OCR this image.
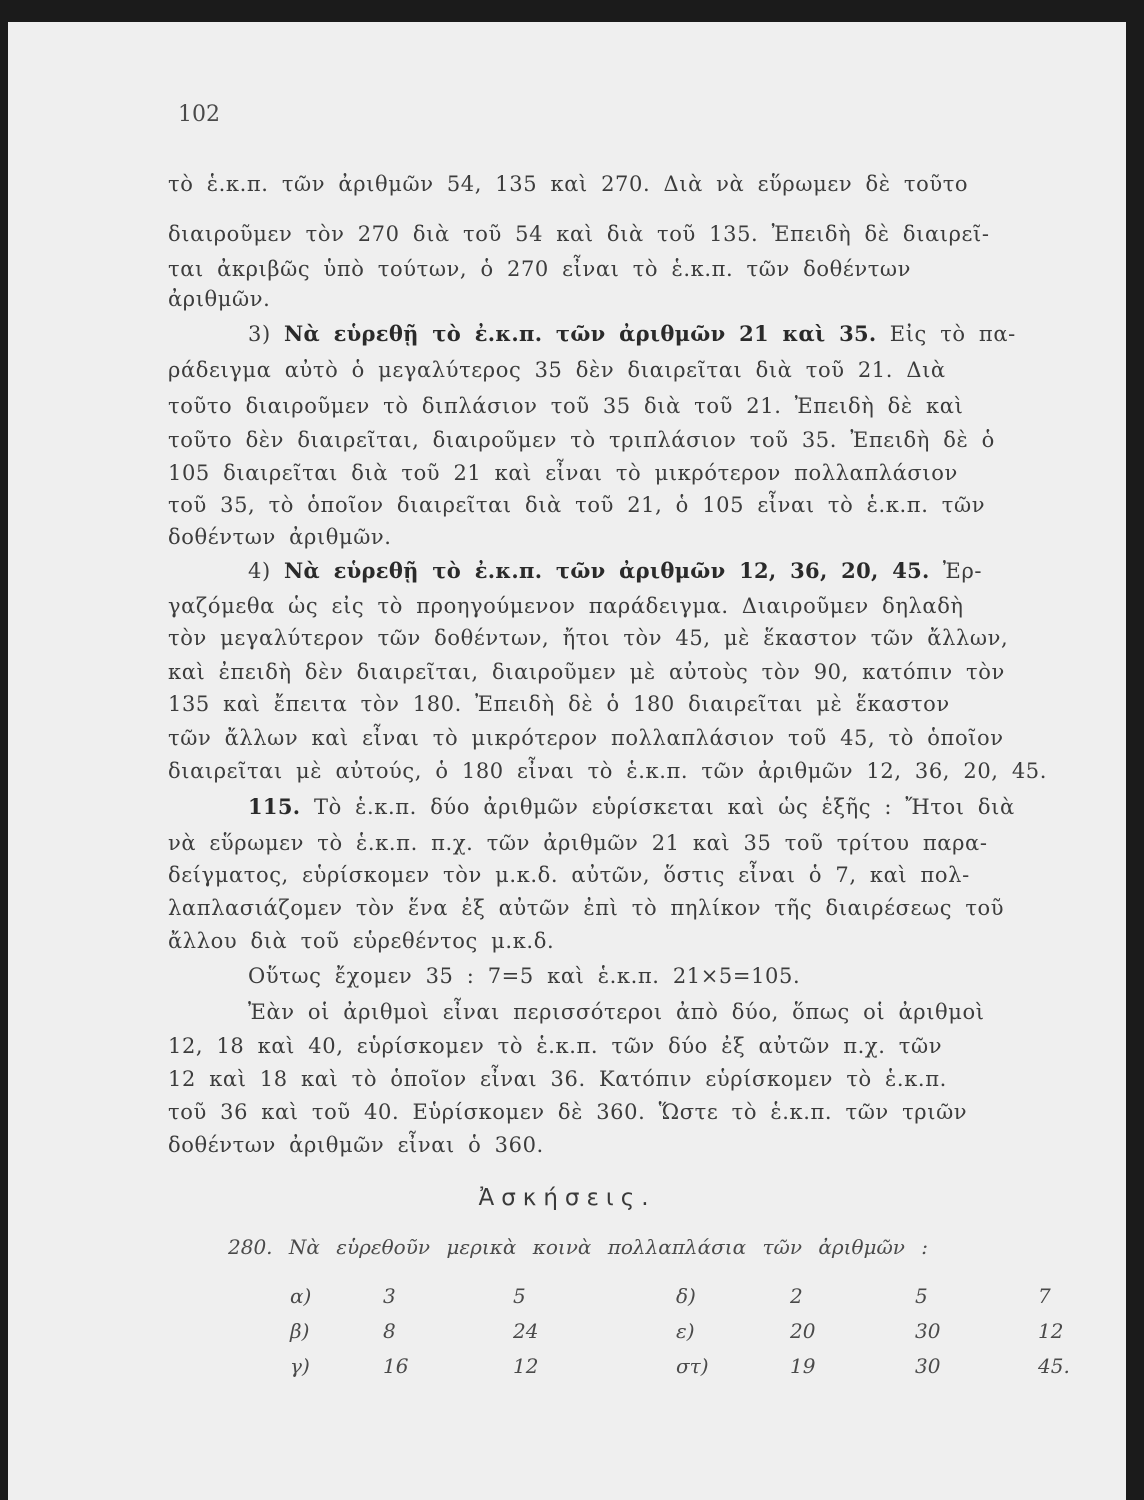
102
τὸ ἑ.κ.π. τῶν ἀριθμῶν 54, 135 καὶ 270. Διὰ νὰ εὕρωμεν δὲ τοῦτο
διαιροῦμεν τὸν 270 διὰ τοῦ 54 καὶ διὰ τοῦ 135. Ἐπειδὴ δὲ διαιρεῖ-
ται ἀκριβῶς ὑπὸ τούτων, ὁ 270 εἶναι τὸ ἑ.κ.π. τῶν δοθέντων
ἀριθμῶν.
3) Νὰ εὑρεθῇ τὸ ἐ.κ.π. τῶν ἀριθμῶν 21 καὶ 35. Εἰς τὸ πα-
ράδειγμα αὐτὸ ὁ μεγαλύτερος 35 δὲν διαιρεῖται διὰ τοῦ 21. Διὰ
τοῦτο διαιροῦμεν τὸ διπλάσιον τοῦ 35 διὰ τοῦ 21. Ἐπειδὴ δὲ καὶ
τοῦτο δὲν διαιρεῖται, διαιροῦμεν τὸ τριπλάσιον τοῦ 35. Ἐπειδὴ δὲ ὁ
105 διαιρεῖται διὰ τοῦ 21 καὶ εἶναι τὸ μικρότερον πολλαπλάσιον
τοῦ 35, τὸ ὁποῖον διαιρεῖται διὰ τοῦ 21, ὁ 105 εἶναι τὸ ἑ.κ.π. τῶν
δοθέντων ἀριθμῶν.
4) Νὰ εὑρεθῇ τὸ ἐ.κ.π. τῶν ἀριθμῶν 12, 36, 20, 45. Ἐρ-
γαζόμεθα ὡς εἰς τὸ προηγούμενον παράδειγμα. Διαιροῦμεν δηλαδὴ
τὸν μεγαλύτερον τῶν δοθέντων, ἤτοι τὸν 45, μὲ ἕκαστον τῶν ἄλλων,
καὶ ἐπειδὴ δὲν διαιρεῖται, διαιροῦμεν μὲ αὐτοὺς τὸν 90, κατόπιν τὸν
135 καὶ ἔπειτα τὸν 180. Ἐπειδὴ δὲ ὁ 180 διαιρεῖται μὲ ἕκαστον
τῶν ἄλλων καὶ εἶναι τὸ μικρότερον πολλαπλάσιον τοῦ 45, τὸ ὁποῖον
διαιρεῖται μὲ αὐτούς, ὁ 180 εἶναι τὸ ἑ.κ.π. τῶν ἀριθμῶν 12, 36, 20, 45.
115. Τὸ ἑ.κ.π. δύο ἀριθμῶν εὑρίσκεται καὶ ὡς ἑξῆς : Ἤτοι διὰ
νὰ εὕρωμεν τὸ ἑ.κ.π. π.χ. τῶν ἀριθμῶν 21 καὶ 35 τοῦ τρίτου παρα-
δείγματος, εὑρίσκομεν τὸν μ.κ.δ. αὐτῶν, ὅστις εἶναι ὁ 7, καὶ πολ-
λαπλασιάζομεν τὸν ἕνα ἐξ αὐτῶν ἐπὶ τὸ πηλίκον τῆς διαιρέσεως τοῦ
ἄλλου διὰ τοῦ εὑρεθέντος μ.κ.δ.
Οὕτως ἔχομεν 35 : 7=5 καὶ ἑ.κ.π. 21×5=105.
Ἐὰν οἱ ἀριθμοὶ εἶναι περισσότεροι ἀπὸ δύο, ὅπως οἱ ἀριθμοὶ
12, 18 καὶ 40, εὑρίσκομεν τὸ ἑ.κ.π. τῶν δύο ἐξ αὐτῶν π.χ. τῶν
12 καὶ 18 καὶ τὸ ὁποῖον εἶναι 36. Κατόπιν εὑρίσκομεν τὸ ἑ.κ.π.
τοῦ 36 καὶ τοῦ 40. Εὑρίσκομεν δὲ 360. Ὥστε τὸ ἑ.κ.π. τῶν τριῶν
δοθέντων ἀριθμῶν εἶναι ὁ 360.
Ἀσκήσεις.
280. Νὰ εὑρεθοῦν μερικὰ κοινὰ πολλαπλάσια τῶν ἀριθμῶν :
α)	3	5	δ)	2	5	7
β)	8	24	ε)	20	30	12
γ)	16	12	στ)	19	30	45.
